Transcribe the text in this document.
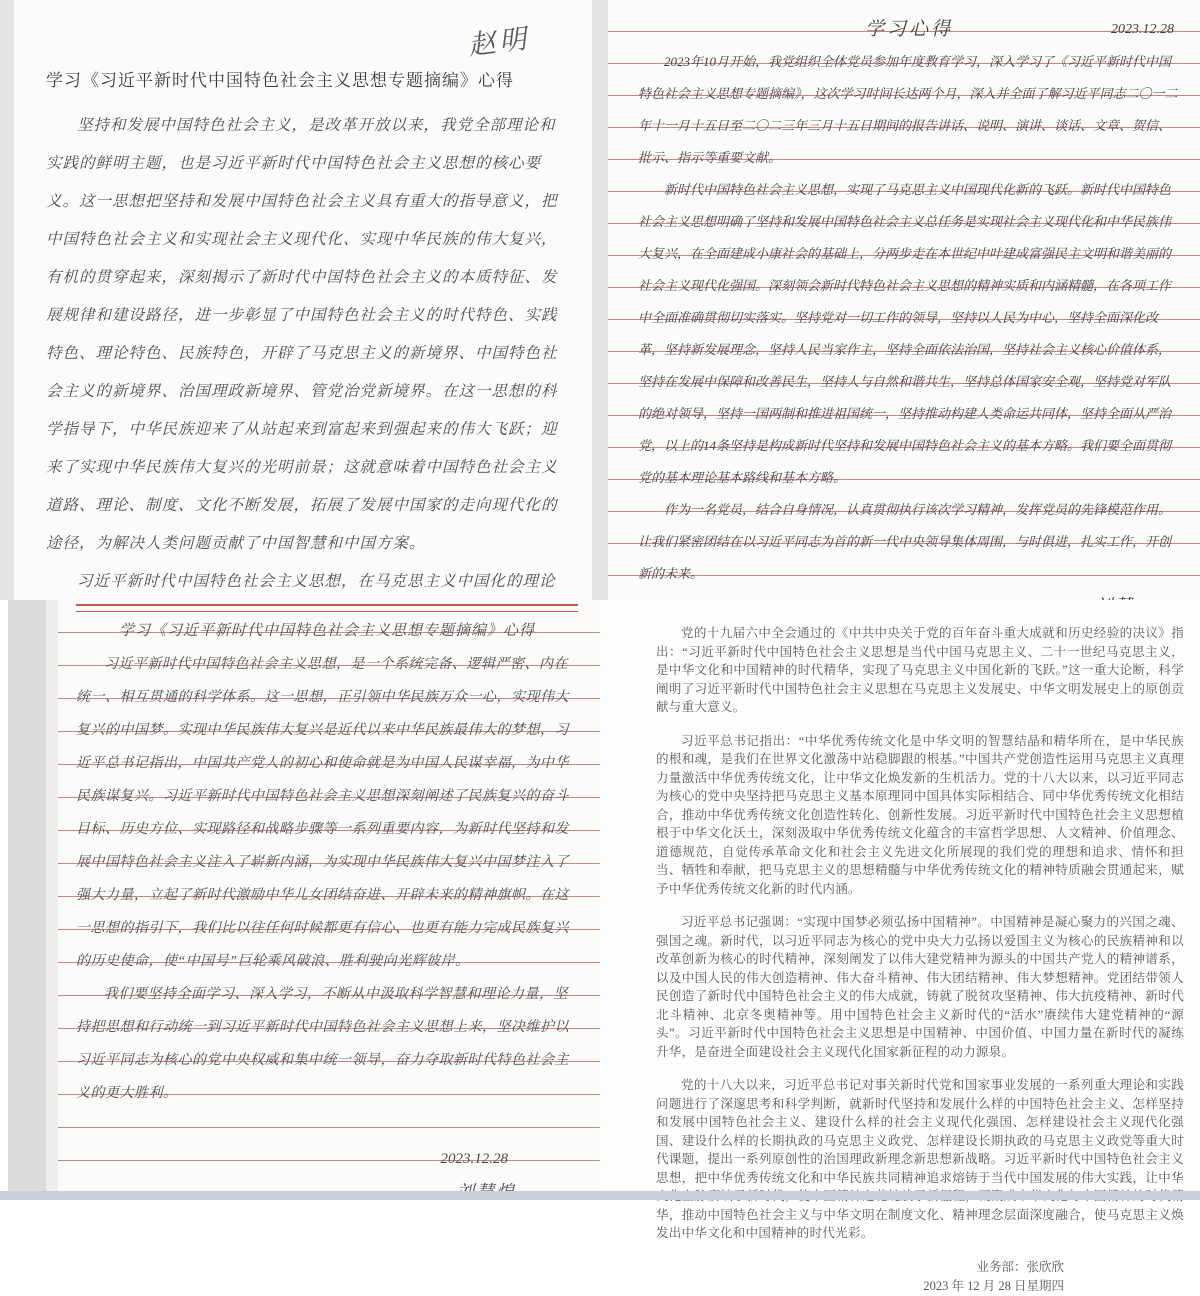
赵明
学习《习近平新时代中国特色社会主义思想专题摘编》心得

坚持和发展中国特色社会主义，是改革开放以来，我党全部理论和实践的鲜明主题，也是习近平新时代中国特色社会主义思想的核心要义。这一思想把坚持和发展中国特色社会主义具有重大的指导意义，把中国特色社会主义和实现社会主义现代化、实现中华民族的伟大复兴，有机的贯穿起来，深刻揭示了新时代中国特色社会主义的本质特征、发展规律和建设路径，进一步彰显了中国特色社会主义的时代特色、实践特色、理论特色、民族特色，开辟了马克思主义的新境界、中国特色社会主义的新境界、治国理政新境界、管党治党新境界。在这一思想的科学指导下，中华民族迎来了从站起来到富起来到强起来的伟大飞跃；迎来了实现中华民族伟大复兴的光明前景；这就意味着中国特色社会主义道路、理论、制度、文化不断发展，拓展了发展中国家的走向现代化的途径，为解决人类问题贡献了中国智慧和中国方案。

习近平新时代中国特色社会主义思想，在马克思主义中国化的理论

学习心得	2023.12.28

2023年10月开始，我党组织全体党员参加年度教育学习，深入学习了《习近平新时代中国特色社会主义思想专题摘编》，这次学习时间长达两个月，深入并全面了解习近平同志二〇一二年十一月十五日至二〇二三年三月十五日期间的报告讲话、说明、演讲、谈话、文章、贺信、批示、指示等重要文献。

新时代中国特色社会主义思想，实现了马克思主义中国现代化新的飞跃。新时代中国特色社会主义思想明确了坚持和发展中国特色社会主义总任务是实现社会主义现代化和中华民族伟大复兴，在全面建成小康社会的基础上，分两步走在本世纪中叶建成富强民主文明和谐美丽的社会主义现代化强国。深刻领会新时代特色社会主义思想的精神实质和内涵精髓，在各项工作中全面准确贯彻切实落实。坚持党对一切工作的领导，坚持以人民为中心，坚持全面深化改革，坚持新发展理念，坚持人民当家作主，坚持全面依法治国，坚持社会主义核心价值体系，坚持在发展中保障和改善民生，坚持人与自然和谐共生，坚持总体国家安全观，坚持党对军队的绝对领导，坚持一国两制和推进祖国统一，坚持推动构建人类命运共同体，坚持全面从严治党，以上的14条坚持是构成新时代坚持和发展中国特色社会主义的基本方略。我们要全面贯彻党的基本理论基本路线和基本方略。

作为一名党员，结合自身情况，认真贯彻执行该次学习精神，发挥党员的先锋模范作用。让我们紧密团结在以习近平同志为首的新一代中央领导集体周围，与时俱进，扎实工作，开创新的未来。

学习《习近平新时代中国特色社会主义思想专题摘编》心得

习近平新时代中国特色社会主义思想，是一个系统完备、逻辑严密、内在统一、相互贯通的科学体系。这一思想，正引领中华民族万众一心，实现伟大复兴的中国梦。实现中华民族伟大复兴是近代以来中华民族最伟大的梦想，习近平总书记指出，中国共产党人的初心和使命就是为中国人民谋幸福，为中华民族谋复兴。习近平新时代中国特色社会主义思想深刻阐述了民族复兴的奋斗目标、历史方位、实现路径和战略步骤等一系列重要内容，为新时代坚持和发展中国特色社会主义注入了崭新内涵，为实现中华民族伟大复兴中国梦注入了强大力量，立起了新时代激励中华儿女团结奋进、开辟未来的精神旗帜。在这一思想的指引下，我们比以往任何时候都更有信心、也更有能力完成民族复兴的历史使命，使“中国号”巨轮乘风破浪、胜利驶向光辉彼岸。

我们要坚持全面学习、深入学习，不断从中汲取科学智慧和理论力量，坚持把思想和行动统一到习近平新时代中国特色社会主义思想上来，坚决维护以习近平同志为核心的党中央权威和集中统一领导，奋力夺取新时代特色社会主义的更大胜利。

2023.12.28

党的十九届六中全会通过的《中共中央关于党的百年奋斗重大成就和历史经验的决议》指出：“习近平新时代中国特色社会主义思想是当代中国马克思主义、二十一世纪马克思主义，是中华文化和中国精神的时代精华，实现了马克思主义中国化新的飞跃。”这一重大论断，科学阐明了习近平新时代中国特色社会主义思想在马克思主义发展史、中华文明发展史上的原创贡献与重大意义。

习近平总书记指出：“中华优秀传统文化是中华文明的智慧结晶和精华所在，是中华民族的根和魂，是我们在世界文化激荡中站稳脚跟的根基。”中国共产党创造性运用马克思主义真理力量激活中华优秀传统文化，让中华文化焕发新的生机活力。党的十八大以来，以习近平同志为核心的党中央坚持把马克思主义基本原理同中国具体实际相结合、同中华优秀传统文化相结合，推动中华优秀传统文化创造性转化、创新性发展。习近平新时代中国特色社会主义思想植根于中华文化沃土，深刻汲取中华优秀传统文化蕴含的丰富哲学思想、人文精神、价值理念、道德规范，自觉传承革命文化和社会主义先进文化所展现的我们党的理想和追求、情怀和担当、牺牲和奉献，把马克思主义的思想精髓与中华优秀传统文化的精神特质融会贯通起来，赋予中华优秀传统文化新的时代内涵。

习近平总书记强调：“实现中国梦必须弘扬中国精神”。中国精神是凝心聚力的兴国之魂、强国之魂。新时代，以习近平同志为核心的党中央大力弘扬以爱国主义为核心的民族精神和以改革创新为核心的时代精神，深刻阐发了以伟大建党精神为源头的中国共产党人的精神谱系，以及中国人民的伟大创造精神、伟大奋斗精神、伟大团结精神、伟大梦想精神。党团结带领人民创造了新时代中国特色社会主义的伟大成就，铸就了脱贫攻坚精神、伟大抗疫精神、新时代北斗精神、北京冬奥精神等。用中国特色社会主义新时代的“活水”赓续伟大建党精神的“源头”。习近平新时代中国特色社会主义思想是中国精神、中国价值、中国力量在新时代的凝练升华，是奋进全面建设社会主义现代化国家新征程的动力源泉。

党的十八大以来，习近平总书记对事关新时代党和国家事业发展的一系列重大理论和实践问题进行了深邃思考和科学判断，就新时代坚持和发展什么样的中国特色社会主义、怎样坚持和发展中国特色社会主义、建设什么样的社会主义现代化强国、怎样建设社会主义现代化强国、建设什么样的长期执政的马克思主义政党、怎样建设长期执政的马克思主义政党等重大时代课题，提出一系列原创性的治国理政新理念新思想新战略。习近平新时代中国特色社会主义思想，把中华优秀传统文化和中华民族共同精神追求熔铸于当代中国发展的伟大实践，让中华 华，推动中国特色社会主义与中华文明在制度文化、精神理念层面深度融合，使马克思主义焕发出中华文化和中国精神的时代光彩。

业务部：张欣欣
2023 年 12 月 28 日星期四
